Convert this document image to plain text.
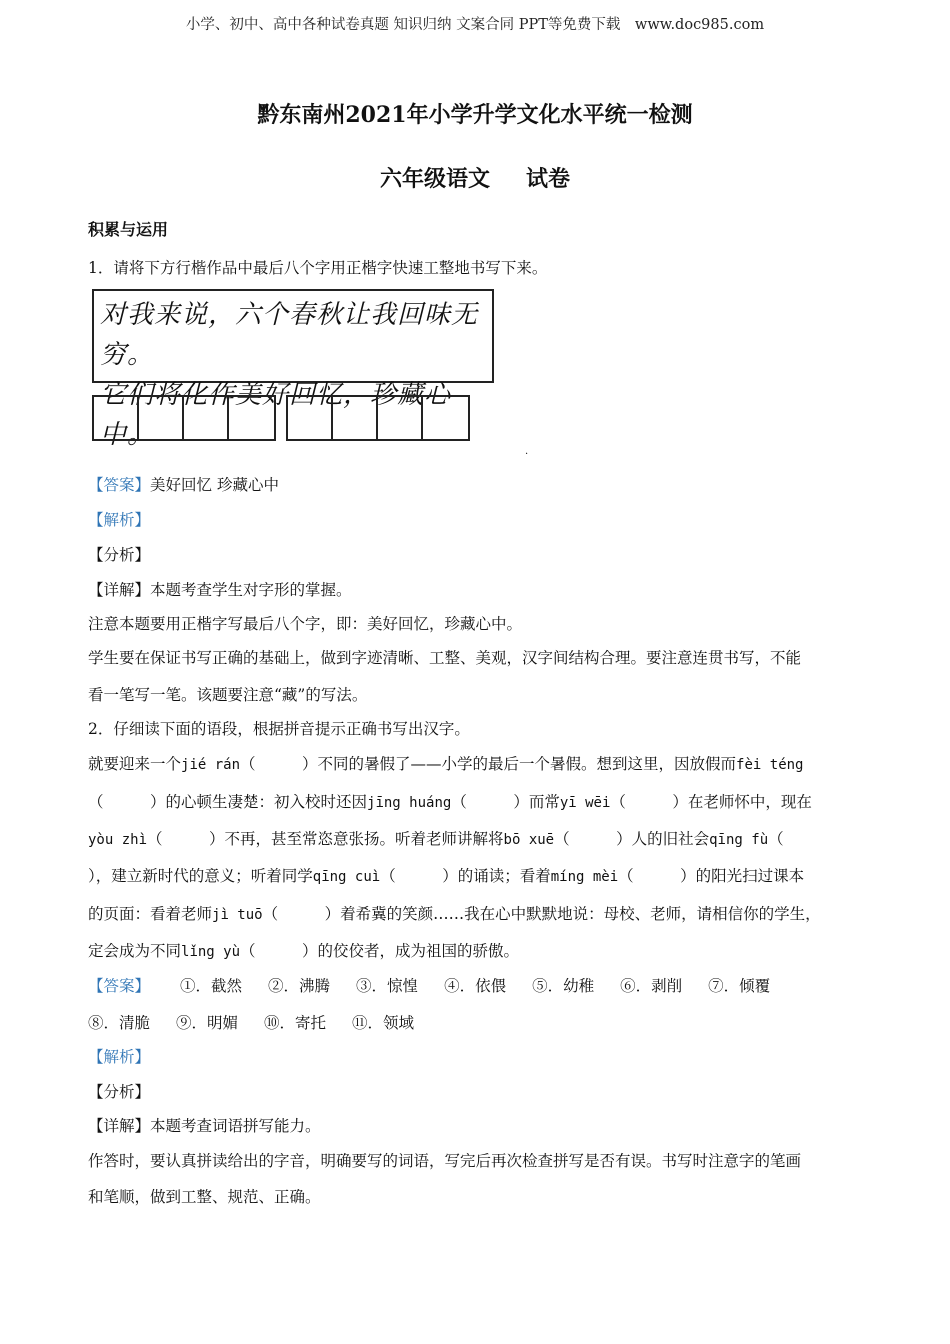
小学、初中、高中各种试卷真题 知识归纳 文案合同 PPT等免费下载　www.doc985.com
黔东南州2021年小学升学文化水平统一检测
六年级语文 试卷
积累与运用
1．请将下方行楷作品中最后八个字用正楷字快速工整地书写下来。
对我来说，六个春秋让我回味无穷。
它们将化作美好回忆，珍藏心中。
.
【答案】美好回忆 珍藏心中
【解析】
【分析】
【详解】本题考查学生对字形的掌握。
注意本题要用正楷字写最后八个字，即：美好回忆，珍藏心中。
学生要在保证书写正确的基础上，做到字迹清晰、工整、美观，汉字间结构合理。要注意连贯书写，不能
看一笔写一笔。该题要注意“藏”的写法。
2．仔细读下面的语段，根据拼音提示正确书写出汉字。
就要迎来一个jié rán（　　　）不同的暑假了——小学的最后一个暑假。想到这里，因放假而fèi téng
（　　　）的心顿生凄楚：初入校时还因jīng huáng（　　　）而常yī wēi（　　　）在老师怀中，现在
yòu zhì（　　　）不再，甚至常恣意张扬。听着老师讲解将bō xuē（　　　）人的旧社会qīng fù（
），建立新时代的意义；听着同学qīng cuì（　　　）的诵读；看着míng mèi（　　　）的阳光扫过课本
的页面：看着老师jì tuō（　　　）着希冀的笑颜……我在心中默默地说：母校、老师，请相信你的学生，
定会成为不同lǐng yù（　　　）的佼佼者，成为祖国的骄傲。
【答案】 ①．截然 ②．沸腾 ③．惊惶 ④．依偎 ⑤．幼稚 ⑥．剥削 ⑦．倾覆
⑧．清脆 ⑨．明媚 ⑩．寄托 ⑪．领域
【解析】
【分析】
【详解】本题考查词语拼写能力。
作答时，要认真拼读给出的字音，明确要写的词语，写完后再次检查拼写是否有误。书写时注意字的笔画
和笔顺，做到工整、规范、正确。
